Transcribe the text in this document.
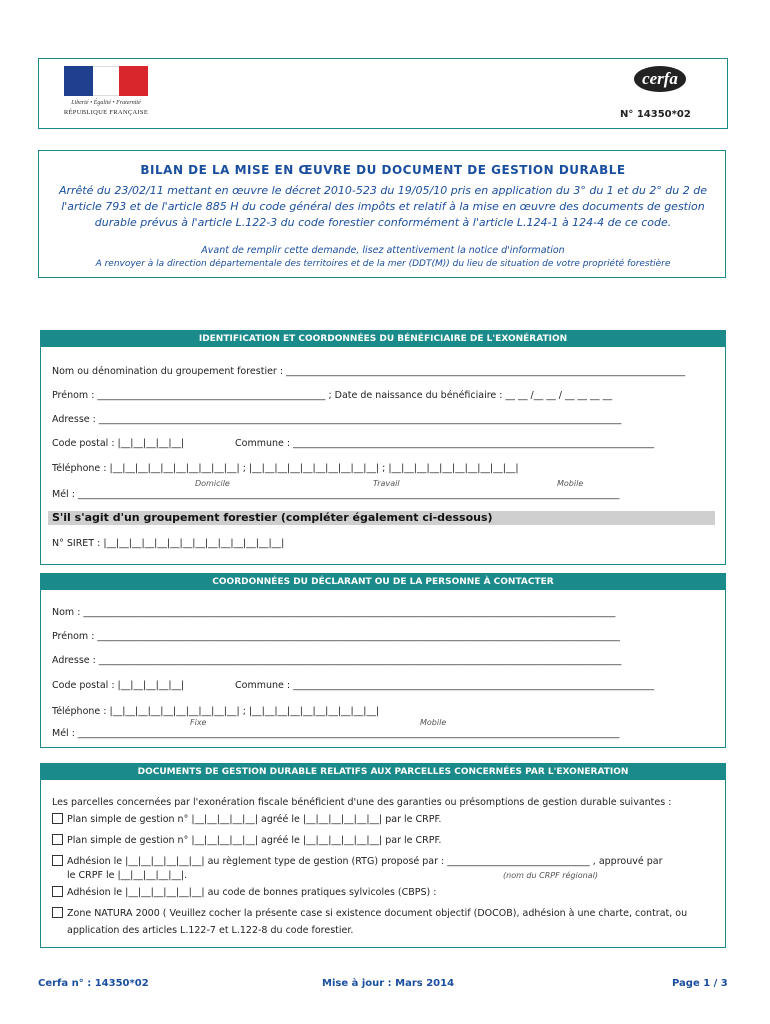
Liberté • Égalité • Fraternité
RÉPUBLIQUE FRANÇAISE
cerfa
N° 14350*02
BILAN DE LA MISE EN ŒUVRE DU DOCUMENT DE GESTION DURABLE
Arrêté du 23/02/11 mettant en œuvre le décret 2010-523 du 19/05/10 pris en application du 3° du 1 et du 2° du 2 de l'article 793 et de l'article 885 H du code général des impôts et relatif à la mise en œuvre des documents de gestion durable prévus à l'article L.122-3 du code forestier conformément à l'article L.124-1 à 124-4 de ce code.
Avant de remplir cette demande, lisez attentivement la notice d'information
A renvoyer à la direction départementale des territoires et de la mer (DDT(M)) du lieu de situation de votre propriété forestière
IDENTIFICATION ET COORDONNÉES DU BÉNÉFICIAIRE DE L'EXONÉRATION
Nom ou dénomination du groupement forestier : ____________________________________________________________________________________
Prénom : ________________________________________________ ; Date de naissance du bénéficiaire : __ __ /__ __ / __ __ __ __
Adresse : ______________________________________________________________________________________________________________
Code postal : |__|__|__|__|__|	Commune : ____________________________________________________________________________
Téléphone : |__|__|__|__|__|__|__|__|__|__| ; |__|__|__|__|__|__|__|__|__|__| ; |__|__|__|__|__|__|__|__|__|__|
Domicile	Travail	Mobile
Mél : __________________________________________________________________________________________________________________
S'il s'agit d'un groupement forestier (compléter également ci-dessous)
N° SIRET : |__|__|__|__|__|__|__|__|__|__|__|__|__|__|
COORDONNÉES DU DÉCLARANT OU DE LA PERSONNE À CONTACTER
Nom : ________________________________________________________________________________________________________________
Prénom : ______________________________________________________________________________________________________________
Adresse : ______________________________________________________________________________________________________________
Code postal : |__|__|__|__|__|	Commune : ____________________________________________________________________________
Téléphone : |__|__|__|__|__|__|__|__|__|__| ; |__|__|__|__|__|__|__|__|__|__|
Fixe	Mobile
Mél : __________________________________________________________________________________________________________________
DOCUMENTS DE GESTION DURABLE RELATIFS AUX PARCELLES CONCERNÉES PAR L'EXONERATION
Les parcelles concernées par l'exonération fiscale bénéficient d'une des garanties ou présomptions de gestion durable suivantes :
Plan simple de gestion n° |__|__|__|__|__| agréé le |__|__|__|__|__|__| par le CRPF.
Plan simple de gestion n° |__|__|__|__|__| agréé le |__|__|__|__|__|__| par le CRPF.
Adhésion le |__|__|__|__|__|__| au règlement type de gestion (RTG) proposé par : ______________________________ , approuvé par
le CRPF le |__|__|__|__|__|.	(nom du CRPF régional)
Adhésion le |__|__|__|__|__|__| au code de bonnes pratiques sylvicoles (CBPS) :
Zone NATURA 2000 ( Veuillez cocher la présente case si existence document objectif (DOCOB), adhésion à une charte, contrat, ou
application des articles L.122-7 et L.122-8 du code forestier.
Cerfa n° : 14350*02	Mise à jour : Mars 2014	Page 1 / 3
